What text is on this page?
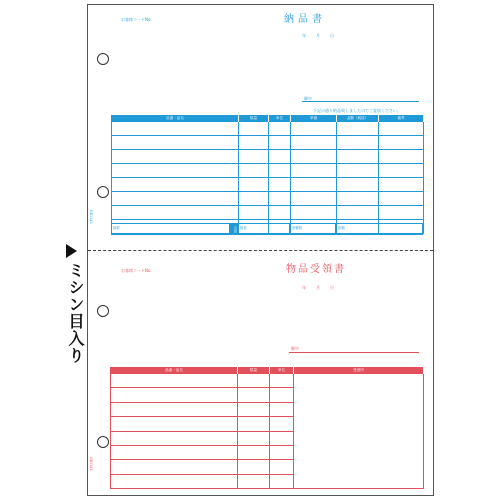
ミシン目入り
お客様コードNo.	納品書
年　月　日
御中
下記の通り納品致しましたのでご査収ください。
品番・品名	数量	単位	単価	金額（税抜）	備考

摘要	合計 税抜	消費税	総額
GB1143
お客様コードNo.	物品受領書
年　月　日
御中
品番・品名	数量	単位	受領印

GB1143
